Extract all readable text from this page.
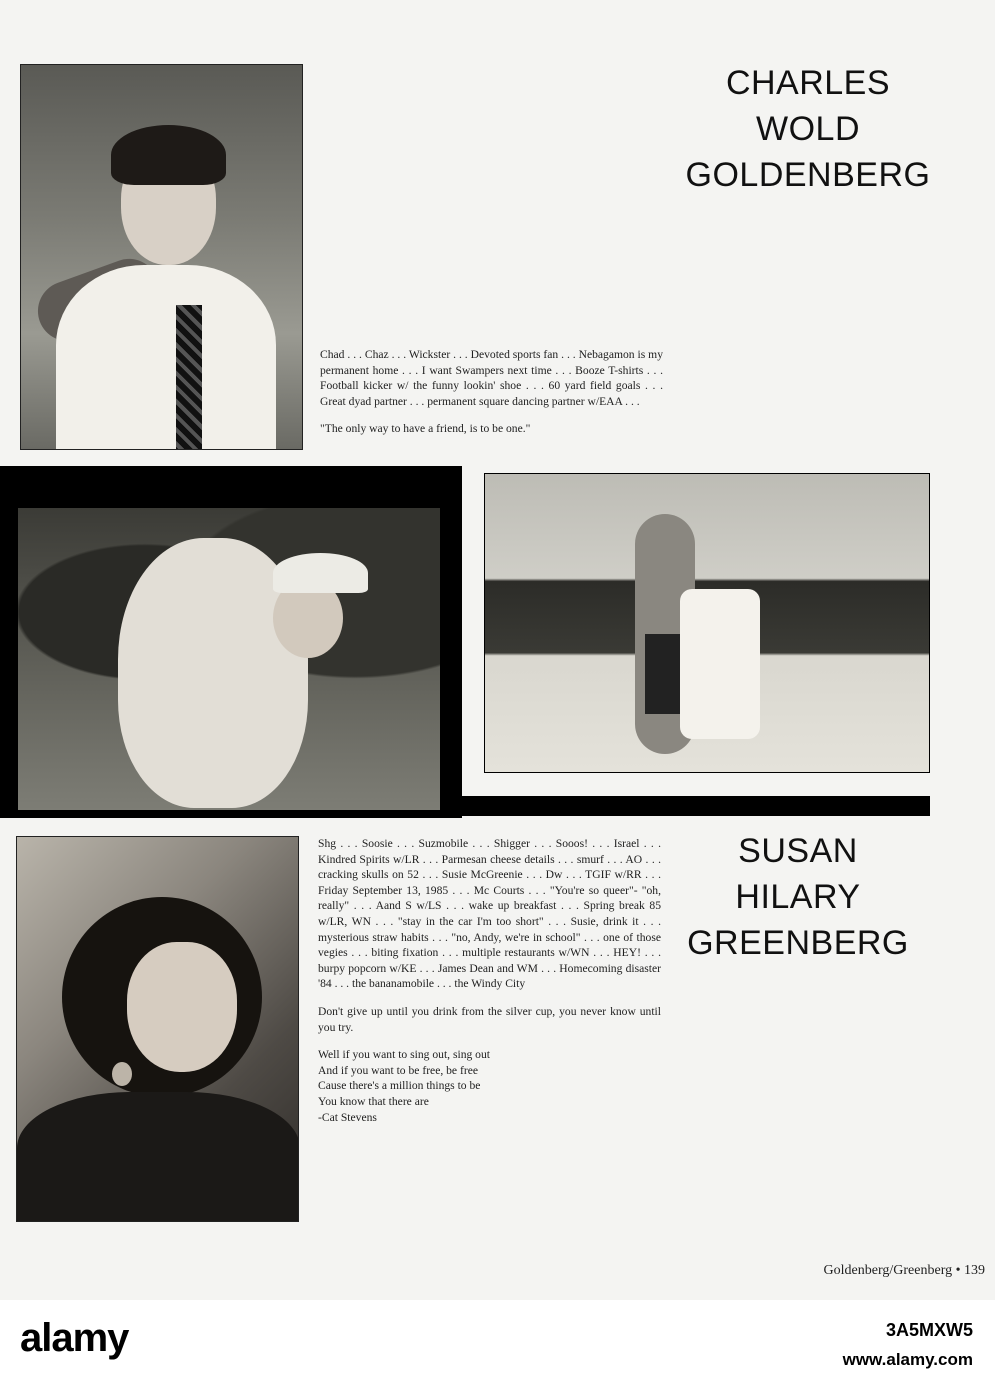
CHARLES
WOLD
GOLDENBERG

Chad . . . Chaz . . . Wickster . . . Devoted sports fan . . . Nebagamon is my permanent home . . . I want Swampers next time . . . Booze T-shirts . . . Football kicker w/ the funny lookin' shoe . . . 60 yard field goals . . . Great dyad partner . . . permanent square dancing partner w/EAA . . .

"The only way to have a friend, is to be one."

Shg . . . Soosie . . . Suzmobile . . . Shigger . . . Sooos! . . . Israel . . . Kindred Spirits w/LR . . . Parmesan cheese details . . . smurf . . . AO . . . cracking skulls on 52 . . . Susie McGreenie . . . Dw . . . TGIF w/RR . . . Friday September 13, 1985 . . . Mc Courts . . . "You're so queer"- "oh, really" . . . Aand S w/LS . . . wake up breakfast . . . Spring break 85 w/LR, WN . . . "stay in the car I'm too short" . . . Susie, drink it . . . mysterious straw habits . . . "no, Andy, we're in school" . . . one of those vegies . . . biting fixation . . . multiple restaurants w/WN . . . HEY! . . . burpy popcorn w/KE . . . James Dean and WM . . . Homecoming disaster '84 . . . the bananamobile . . . the Windy City

Don't give up until you drink from the silver cup, you never know until you try.

Well if you want to sing out, sing out
And if you want to be free, be free
Cause there's a million things to be
You know that there are
-Cat Stevens

SUSAN
HILARY
GREENBERG
Goldenberg/Greenberg • 139
alamy	3A5MXW5
www.alamy.com
